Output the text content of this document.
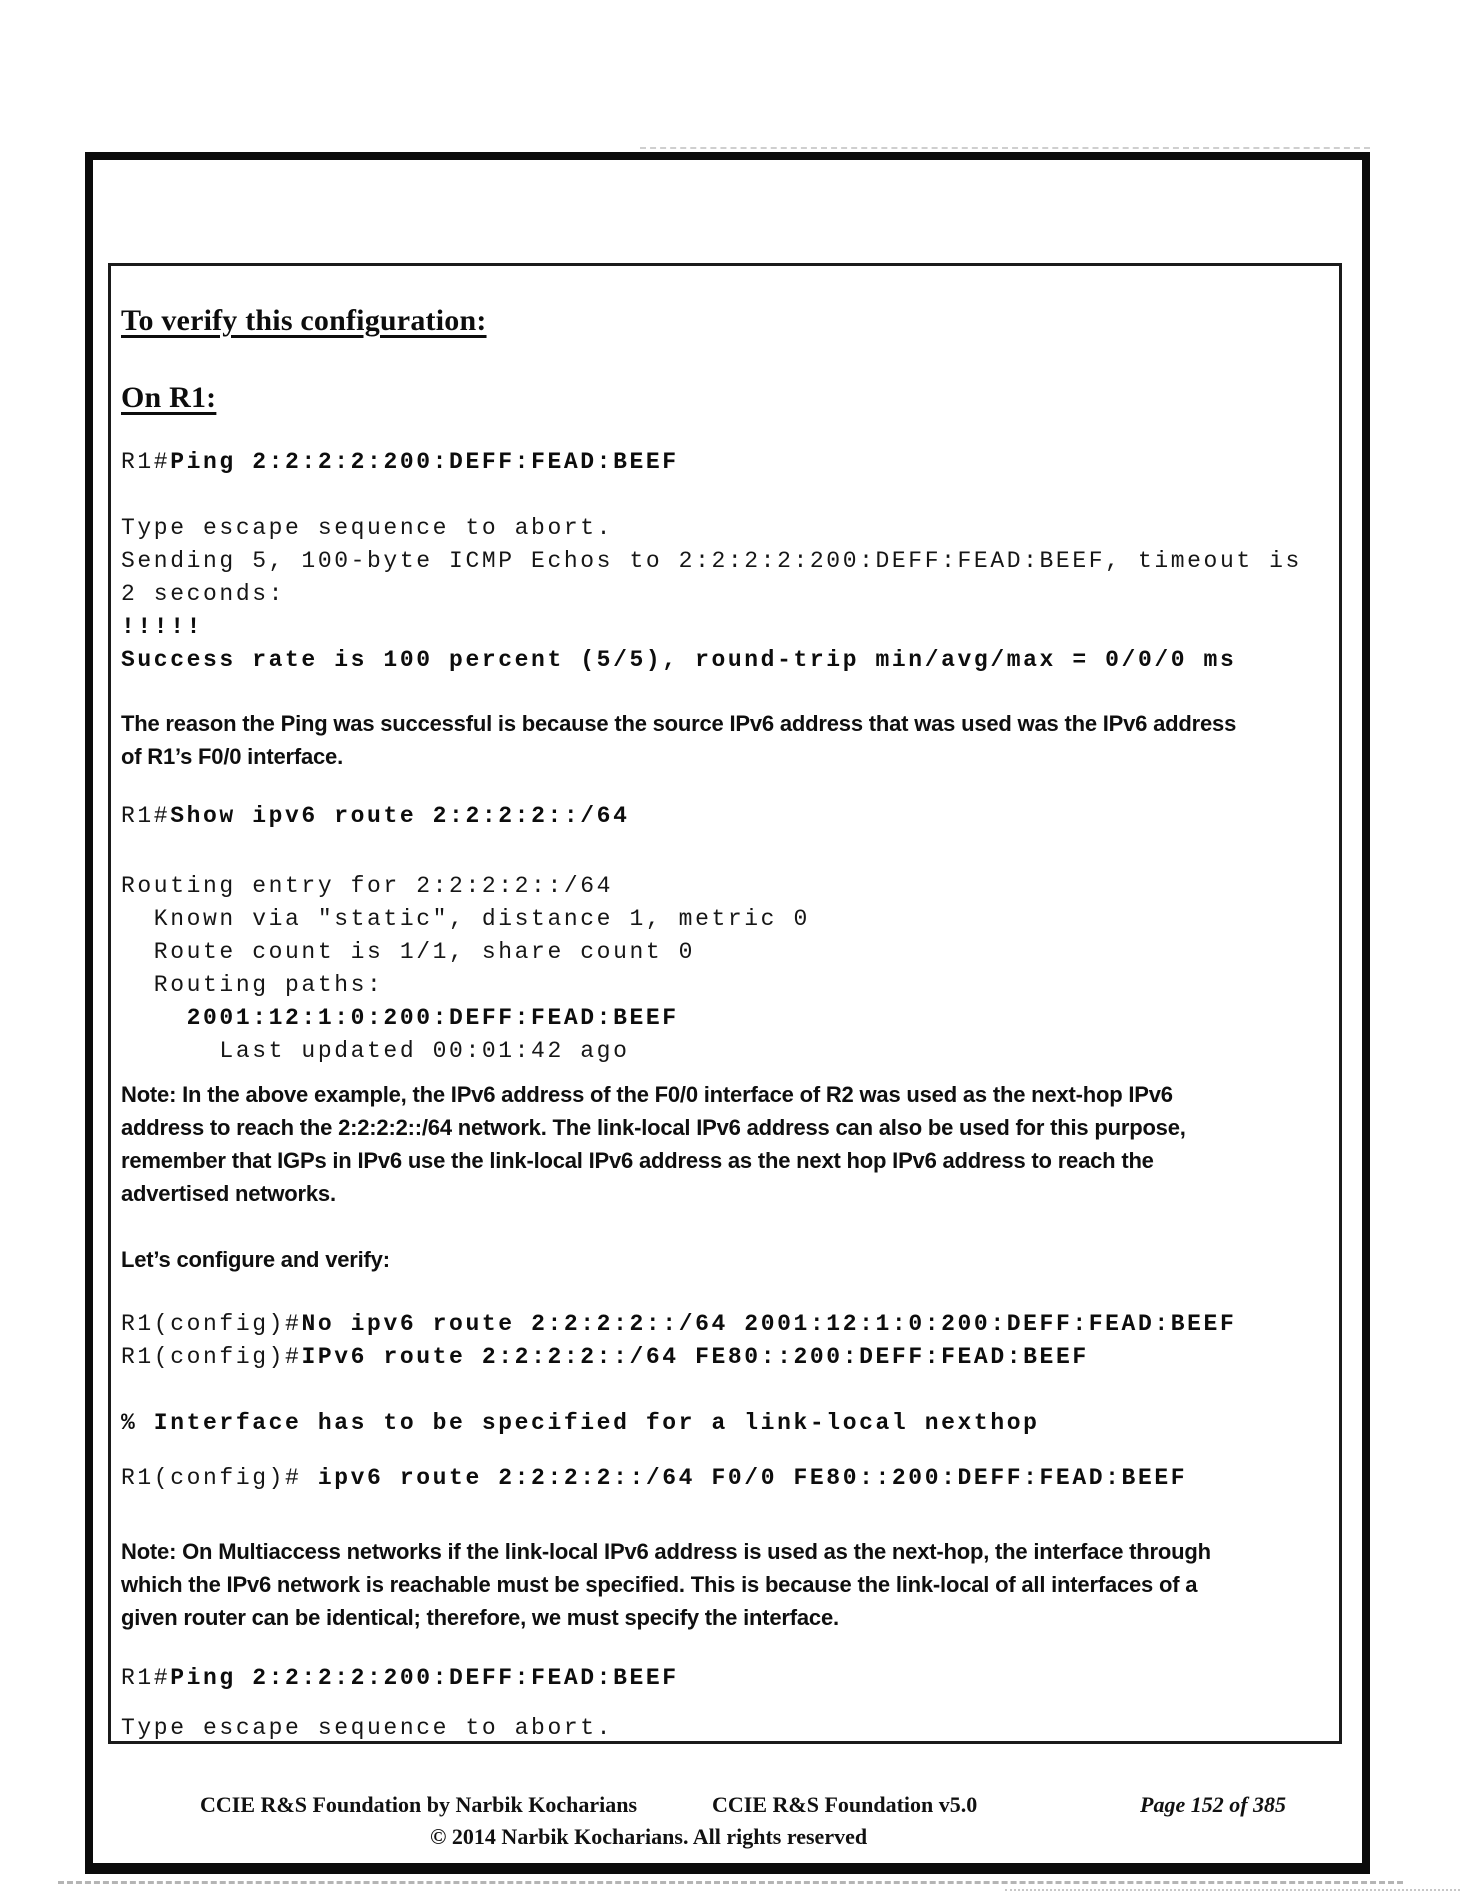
To verify this configuration:
On R1:
R1#Ping 2:2:2:2:200:DEFF:FEAD:BEEF
Type escape sequence to abort.
Sending 5, 100-byte ICMP Echos to 2:2:2:2:200:DEFF:FEAD:BEEF, timeout is
2 seconds:
!!!!!
Success rate is 100 percent (5/5), round-trip min/avg/max = 0/0/0 ms
The reason the Ping was successful is because the source IPv6 address that was used was the IPv6 address
of R1’s F0/0 interface.
R1#Show ipv6 route 2:2:2:2::/64
Routing entry for 2:2:2:2::/64
Known via "static", distance 1, metric 0
Route count is 1/1, share count 0
Routing paths:
2001:12:1:0:200:DEFF:FEAD:BEEF
Last updated 00:01:42 ago
Note: In the above example, the IPv6 address of the F0/0 interface of R2 was used as the next-hop IPv6
address to reach the 2:2:2:2::/64 network. The link-local IPv6 address can also be used for this purpose,
remember that IGPs in IPv6 use the link-local IPv6 address as the next hop IPv6 address to reach the
advertised networks.
Let’s configure and verify:
R1(config)#No ipv6 route 2:2:2:2::/64 2001:12:1:0:200:DEFF:FEAD:BEEF
R1(config)#IPv6 route 2:2:2:2::/64 FE80::200:DEFF:FEAD:BEEF
% Interface has to be specified for a link-local nexthop
R1(config)# ipv6 route 2:2:2:2::/64 F0/0 FE80::200:DEFF:FEAD:BEEF
Note: On Multiaccess networks if the link-local IPv6 address is used as the next-hop, the interface through
which the IPv6 network is reachable must be specified. This is because the link-local of all interfaces of a
given router can be identical; therefore, we must specify the interface.
R1#Ping 2:2:2:2:200:DEFF:FEAD:BEEF
Type escape sequence to abort.
CCIE R&S Foundation by Narbik Kocharians	CCIE R&S Foundation v5.0	Page 152 of 385
© 2014 Narbik Kocharians. All rights reserved
